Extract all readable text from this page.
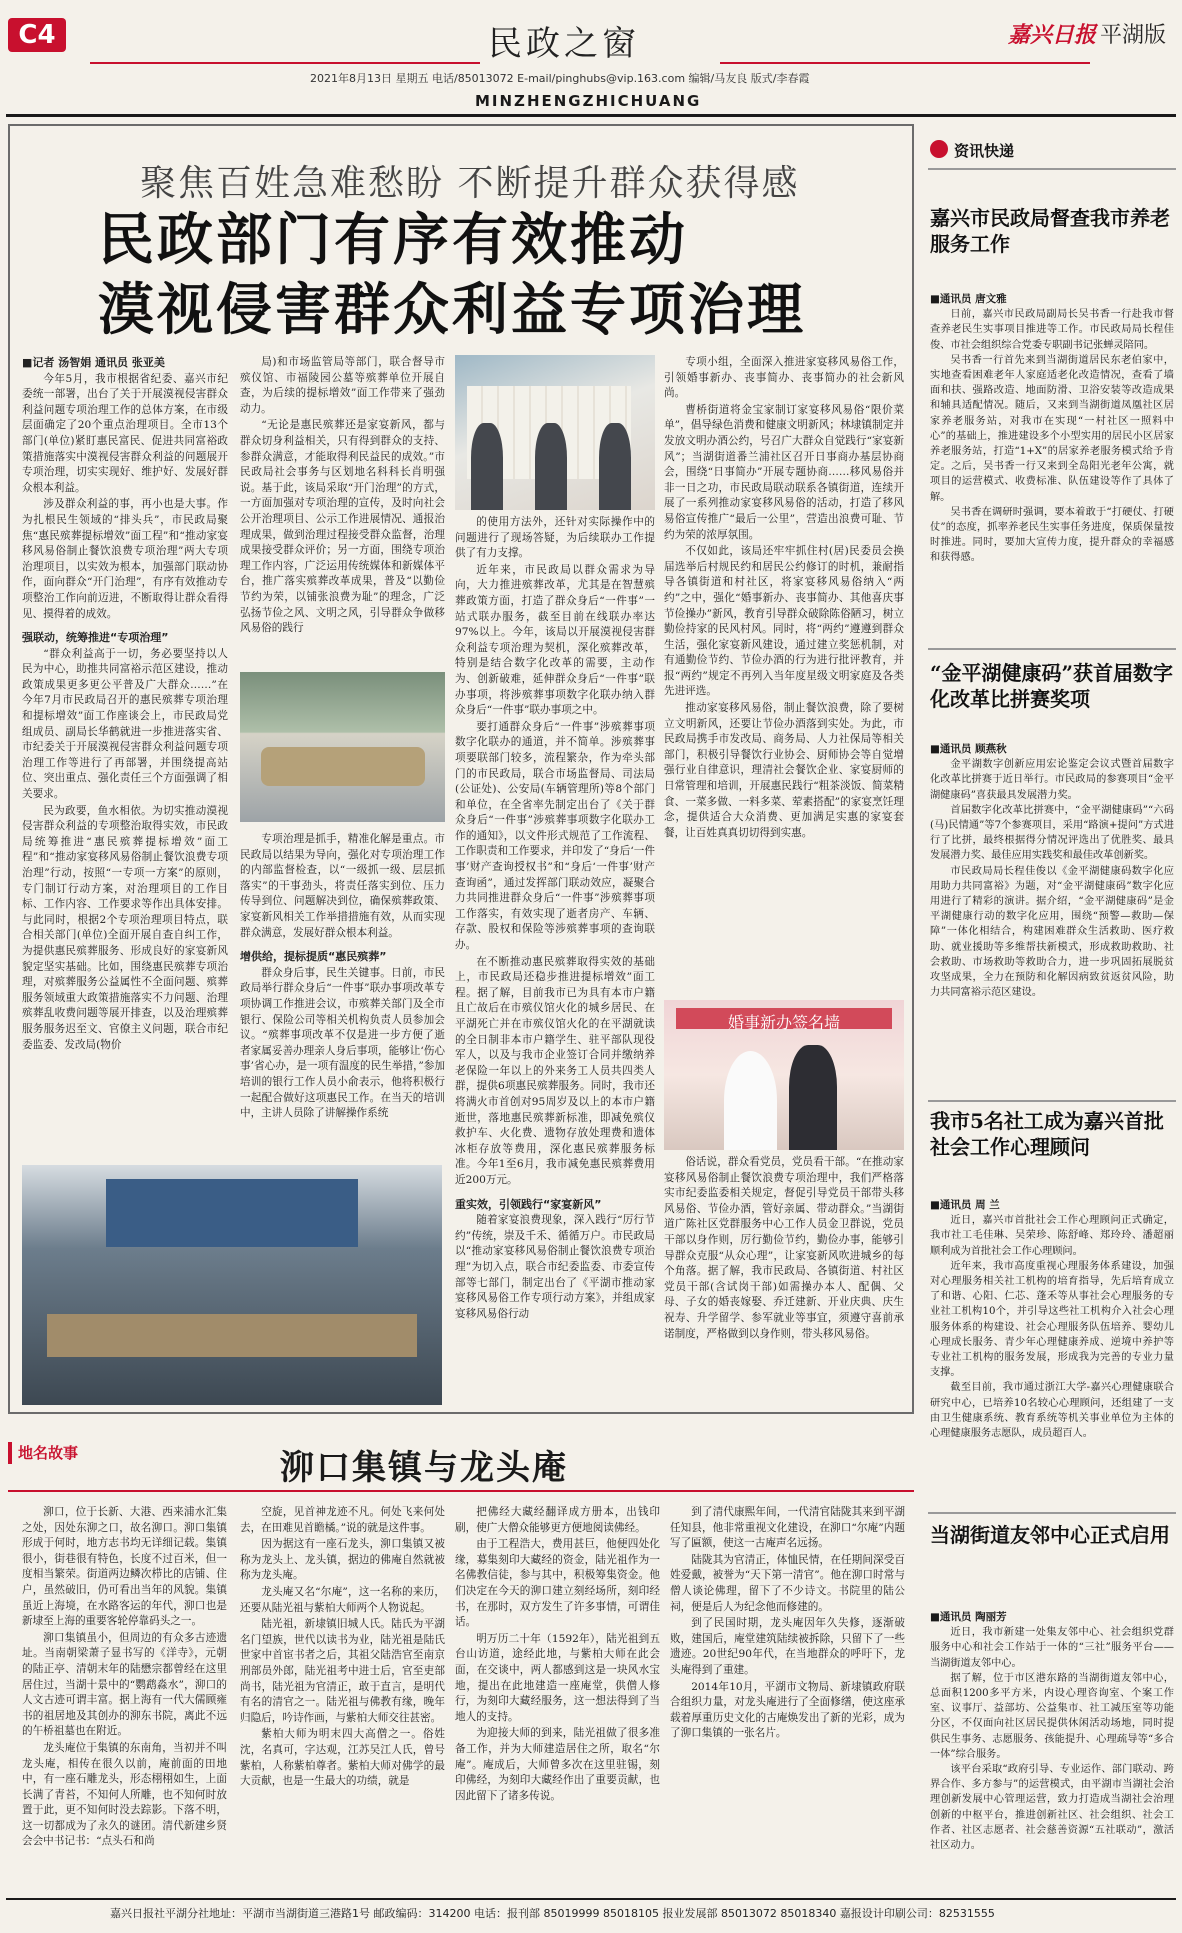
C4	民政之窗
2021年8月13日 星期五 电话/85013072 E-mail/pinghubs@vip.163.com 编辑/马友良 版式/李春霞
嘉兴日报 平湖版
MINZHENGZHICHUANG
聚焦百姓急难愁盼 不断提升群众获得感
民政部门有序有效推动
漠视侵害群众利益专项治理

■记者 汤智娟 通讯员 张亚美

今年5月，我市根据省纪委、嘉兴市纪委统一部署，出台了关于开展漠视侵害群众利益问题专项治理工作的总体方案，在市级层面确定了20个重点治理项目。全市13个部门(单位)紧盯惠民富民、促进共同富裕政策措施落实中漠视侵害群众利益的问题展开专项治理，切实实现好、维护好、发展好群众根本利益。

涉及群众利益的事，再小也是大事。作为扎根民生领域的“排头兵”，市民政局聚焦“惠民殡葬提标增效”面工程”和“推动家宴移风易俗制止餐饮浪费专项治理”两大专项治理项目，以实效为根本，加强部门联动协作，面向群众“开门治理”，有序有效推动专项整治工作向前迈进，不断取得让群众看得见、摸得着的成效。

强联动，统筹推进“专项治理”

“群众利益高于一切，务必要坚持以人民为中心，助推共同富裕示范区建设，推动政策成果更多更公平普及广大群众……”在今年7月市民政局召开的惠民殡葬专项治理和提标增效”面工作座谈会上，市民政局党组成员、副局长华鹤就进一步推进落实省、市纪委关于开展漠视侵害群众利益问题专项治理工作等进行了再部署，并围绕提高站位、突出重点、强化责任三个方面强调了相关要求。

民为政要，鱼水相依。为切实推动漠视侵害群众利益的专项整治取得实效，市民政局统筹推进“惠民殡葬提标增效”面工程”和“推动家宴移风易俗制止餐饮浪费专项治理”行动，按照“一专项一方案”的原则，专门制订行动方案，对治理项目的工作目标、工作内容、工作要求等作出具体安排。与此同时，根据2个专项治理项目特点，联合相关部门(单位)全面开展自查自纠工作，为提供惠民殡葬服务、形成良好的家宴新风貌定坚实基础。比如，围绕惠民殡葬专项治理，对殡葬服务公益属性不全面问题、殡葬服务领域重大政策措施落实不力问题、治理殡葬乱收费问题等展开排查，以及治理殡葬服务服务迟至文、官僚主义问题，联合市纪委监委、发改局(物价

局)和市场监管局等部门，联合督导市殡仪馆、市福陵园公墓等殡葬单位开展自查，为后续的提标增效”面工作带来了强劲动力。

“无论是惠民殡葬还是家宴新风，都与群众切身利益相关，只有得到群众的支持、参群众满意，才能取得利民益民的成效。”市民政局社会事务与区划地名科科长肖明强说。基于此，该局采取“开门治理”的方式，一方面加强对专项治理的宣传，及时向社会公开治理项目、公示工作进展情况、通报治理成果，做到治理过程接受群众监督，治理成果接受群众评价；另一方面，围绕专项治理工作内容，广泛运用传统媒体和新媒体平台，推广落实殡葬改革成果，普及“以勤俭节约为荣，以铺张浪费为耻”的理念，广泛弘扬节俭之风、文明之风，引导群众争做移风易俗的践行

专项治理是抓手，精准化解是重点。市民政局以结果为导向，强化对专项治理工作的内部监督检查，以“一级抓一级、层层抓落实”的干事劲头，将责任落实到位、压力传导到位、问题解决到位，确保殡葬政策、家宴新风相关工作举措措施有效，从而实现群众满意，发展好群众根本利益。

增供给，提标提质“惠民殡葬”

群众身后事，民生关键事。日前，市民政局举行群众身后“一件事”联办事项改革专项协调工作推进会议，市殡葬关部门及全市银行、保险公司等相关机构负责人员参加会议。“殡葬事项改革不仅是进一步方便了逝者家属妥善办理亲人身后事项，能够让‘伤心事’省心办，是一项有温度的民生举措，”参加培训的银行工作人员小俞表示，他将积极行一起配合做好这项惠民工作。在当天的培训中，主讲人员除了讲解操作系统

的使用方法外，还针对实际操作中的问题进行了现场答疑，为后续联办工作提供了有力支撑。

近年来，市民政局以群众需求为导向，大力推进殡葬改革，尤其是在智慧殡葬政策方面，打造了群众身后“一件事”一站式联办服务，截至目前在线联办率达97%以上。今年，该局以开展漠视侵害群众利益专项治理为契机，深化殡葬改革，特别是结合数字化改革的需要，主动作为、创新破难，延伸群众身后“一件事”联办事项，将涉殡葬事项数字化联办纳入群众身后“一件事”联办事项之中。

要打通群众身后“一件事”涉殡葬事项数字化联办的通道，并不简单。涉殡葬事项要联部门较多，流程繁杂，作为牵头部门的市民政局，联合市场监督局、司法局(公证处)、公安局(车辆管理所)等8个部门和单位，在全省率先制定出台了《关于群众身后“一件事”涉殡葬事项数字化联办工作的通知》，以文件形式规范了工作流程、工作职责和工作要求，并印发了“身后‘一件事’财产查询授权书”和“身后‘一件事’财产查询函”，通过发挥部门联动效应，凝聚合力共同推进群众身后“一件事”涉殡葬事项工作落实，有效实现了逝者房产、车辆、存款、股权和保险等涉殡葬事项的查询联办。

在不断推动惠民殡葬取得实效的基础上，市民政局还稳步推进提标增效”面工程。据了解，目前我市已为具有本市户籍且亡故后在市殡仪馆火化的城乡居民、在平湖死亡并在市殡仪馆火化的在平湖就读的全日制非本市户籍学生、驻平部队现役军人，以及与我市企业签订合同并缴纳养老保险一年以上的外来务工人员共四类人群，提供6项惠民殡葬服务。同时，我市还将满火市首创对95周岁及以上的本市户籍逝世，落地惠民殡葬新标准，即减免殡仪救护车、火化费、遗物存放处理费和遗体冰柜存放等费用，深化惠民殡葬服务标准。今年1至6月，我市减免惠民殡葬费用近200万元。

重实效，引领践行“家宴新风”

随着家宴浪费现象，深入践行“厉行节约”传统，崇及千禾、循循万户。市民政局以“推动家宴移风易俗制止餐饮浪费专项治理”为切入点，联合市纪委监委、市委宣传部等七部门，制定出台了《平湖市推动家宴移风易俗工作专项行动方案》，并组成家宴移风易俗行动

专项小组，全面深入推进家宴移风易俗工作，引领婚事新办、丧事简办、丧事简办的社会新风尚。

曹桥街道将金宝家制订家宴移风易俗“限价菜单”，倡导绿色消费和健康文明新风；林埭镇制定并发放文明办酒公约，号召广大群众自觉践行“家宴新风”；当湖街道番兰浦社区召开日事商办基层协商会，围绕“日事简办”开展专题协商……移风易俗并非一日之功，市民政局联动联系各镇街道，连续开展了一系列推动家宴移风易俗的活动，打造了移风易俗宣传推广“最后一公里”，营造出浪费可耻、节约为荣的浓厚氛围。

不仅如此，该局还牢牢抓住村(居)民委员会换届选举后村规民约和居民公约修订的时机，兼耐指导各镇街道和村社区，将家宴移风易俗纳入“两约”之中，强化“婚事新办、丧事简办、其他喜庆事节俭操办”新风，教育引导群众破除陈俗陋习，树立勤俭持家的民风村风。同时，将“两约”遵遵到群众生活，强化家宴新风建设，通过建立奖惩机制，对有通勤俭节约、节俭办酒的行为进行批评教育，并报“两约”规定不再列入当年度星级文明家庭及各类先进评选。

推动家宴移风易俗，制止餐饮浪费，除了要树立文明新风，还要让节俭办酒落到实处。为此，市民政局携手市发改局、商务局、人力社保局等相关部门，积极引导餐饮行业协会、厨师协会等自觉增强行业自律意识，理清社会餐饮企业、家宴厨师的日常管理和培训，开展惠民践行“粗茶淡饭、简菜精食、一菜多做、一料多菜、荤素搭配”的家宴烹饪理念，提供适合大众消费、更加满足实惠的家宴套餐，让百姓真真切切得到实惠。

婚事新办签名墙

俗话说，群众看党员，党员看干部。“在推动家宴移风易俗制止餐饮浪费专项治理中，我们严格落实市纪委监委相关规定，督促引导党员干部带头移风易俗、节俭办酒，管好亲属、带动群众。”当湖街道广陈社区党群服务中心工作人员金卫群说，党员干部以身作则，厉行勤俭节约，勤俭办事，能够引导群众克服“从众心理”，让家宴新风吹进城乡的每个角落。据了解，我市民政局、各镇街道、村社区党员干部(含试岗干部)如需操办本人、配偶、父母、子女的婚丧嫁娶、乔迁建新、开业庆典、庆生祝寿、升学留学、参军就业等事宜，须遵守喜前承诺制度，严格做到以身作则，带头移风易俗。

资讯快递
嘉兴市民政局督查我市养老服务工作

■通讯员 唐文雅

日前，嘉兴市民政局副局长吴书香一行赴我市督查养老民生实事项目推进等工作。市民政局局长程佳俊、市社会组织综合党委专职副书记张蝉灵陪同。

吴书香一行首先来到当湖街道居民东老伯家中，实地查看困难老年人家庭适老化改造情况，查看了墙面和扶、强路改造、地面防滑、卫浴安装等改造成果和辅具适配情况。随后，又来到当湖街道凤凰社区居家养老服务站，对我市在实现“一村社区一照料中心”的基础上，推进建设多个小型实用的居民小区居家养老服务站，打造“1+X”的居家养老服务模式给予肯定。之后，吴书香一行又来到全岛阳光老年公寓，就项目的运营模式、收费标准、队伍建设等作了具体了解。

吴书香在调研时强调，要本着敢于“打硬仗、打硬仗”的态度，抓率养老民生实事任务进度，保质保量按时推进。同时，要加大宣传力度，提升群众的幸福感和获得感。

“金平湖健康码”获首届数字化改革比拼赛奖项

■通讯员 顾燕秋

金平湖数字创新应用宏论鉴定会议式暨首届数字化改革比拼赛于近日举行。市民政局的参赛项目“金平湖健康码”喜获最具发展潜力奖。

首届数字化改革比拼赛中，“金平湖健康码”“六码(马)民情通”等7个参赛项目，采用“路演+提问”方式进行了比拼，最终根据得分情况评选出了优胜奖、最具发展潜力奖、最佳应用实践奖和最佳改革创新奖。

市民政局局长程佳俊以《金平湖健康码数字化应用助力共同富裕》为题，对“金平湖健康码”数字化应用进行了精彩的演讲。据介绍，“金平湖健康码”是金平湖健康行动的数字化应用，围绕“预警—救助—保障”一体化相结合，构建困难群众生活救助、医疗救助、就业援助等多维帮扶新模式，形成救助救助、社会救助、市场救助等救助合力，进一步巩固拓展脱贫攻坚成果，全力在预防和化解因病致贫返贫风险，助力共同富裕示范区建设。

我市5名社工成为嘉兴首批社会工作心理顾问

■通讯员 周 兰

近日，嘉兴市首批社会工作心理顾问正式确定，我市社工毛佳琳、吴荣珍、陈舒峰、郑玲玲、潘超丽顺利成为首批社会工作心理顾问。

近年来，我市高度重视心理服务体系建设，加强对心理服务相关社工机构的培育指导，先后培育成立了和谐、心阳、仁芯、蓬禾等从事社会心理服务的专业社工机构10个，并引导这些社工机构介入社会心理服务体系的构建设、社会心理服务队伍培养、婴幼儿心理成长服务、青少年心理健康养成、逆境中养护等专业社工机构的服务发展，形成我为完善的专业力量支撑。

截至目前，我市通过浙江大学-嘉兴心理健康联合研究中心，已培养10名较心心理顾问，还组建了一支由卫生健康系统、教育系统等机关事业单位为主体的心理健康服务志愿队，成员超百人。

当湖街道友邻中心正式启用

■通讯员 陶丽芳

近日，我市新建一处集友邻中心、社会组织党群服务中心和社会工作站于一体的“三社”服务平台——当湖街道友邻中心。

据了解，位于市区港东路的当湖街道友邻中心，总面积1200多平方米，内设心理咨询室、个案工作室、议事厅、益部坊、公益集市、社工减压室等功能分区，不仅面向社区居民提供休闲活动场地，同时提供民生事务、志愿服务、孩能提升、心理疏导等“多合一体”综合服务。

该平台采取“政府引导、专业运作、部门联动、跨界合作、多方参与”的运营模式，由平湖市当湖社会治理创新发展中心管理运营，致力打造成当湖社会治理创新的中枢平台，推进创新社区、社会组织、社会工作者、社区志愿者、社会慈善资源“五社联动”，激活社区动力。

地名故事	泖口集镇与龙头庵

泖口，位于长新、大港、西来浦水汇集之处，因处东泖之口，故名泖口。泖口集镇形成于何时，地方志书均无详细记载。集镇很小，街巷很有特色，长度不过百米，但一度相当繁荣。街道两边鳞次栉比的店铺、住户，虽然破旧，仍可看出当年的风貌。集镇虽近上海境，在水路客运的年代，泖口也是新埭至上海的重要客轮停靠码头之一。

泖口集镇虽小，但周边的有众多古迹遗址。当南朝梁萧子显书写的《洋寺》，元朝的陆正亭、清朝末年的陆懋宗都曾经在这里居住过，当湖十景中的“鹦鹉淼水”，泖口的人文古迹可谓丰富。据上海有一代大儒顾雍书的祖居地及其创办的泖东书院，离此不远的午桥祖墓也在附近。

龙头庵位于集镇的东南角，当初并不叫龙头庵，相传在很久以前，庵前面的田地中，有一座石雕龙头，形态栩栩如生，上面长满了青苔，不知何人所雕，也不知何时放置于此，更不知何时没去踪影。下落不明，这一切都成为了永久的谜团。清代新建乡贤会会中书记书：“点头石和尚

空旋，见首神龙迹不凡。何处飞来何处去，在田难见首瞻橘。”说的就是这件事。

因为据这有一座石龙头，泖口集镇又被称为龙头上、龙头镇，据边的佛庵自然就被称为龙头庵。

龙头庵又名“尔庵”，这一名称的来历，还要从陆光祖与紫柏大师两个人物说起。

陆光祖，新埭镇旧城人氏。陆氏为平湖名门望族，世代以读书为业，陆光祖是陆氏世家中首宦书者之后，其祖父陆浩官至南京刑部员外郎，陆光祖考中进士后，官至吏部尚书，陆光祖为官清正，敢于直言，是明代有名的清官之一。陆光祖与佛教有缘，晚年归隐后，吟诗作画，与紫柏大师交往甚密。

紫柏大师为明末四大高僧之一。俗姓沈，名真可，字达观，江苏吴江人氏，曾号紫柏，人称紫柏尊者。紫柏大师对佛学的最大贡献，也是一生最大的功绩，就是

把佛经大藏经翻译成方册本，出钱印刷，使广大僧众能够更方便地阅读佛经。

由于工程浩大，费用甚巨，他便四处化缘，募集刻印大藏经的资金，陆光祖作为一名佛教信徒，参与其中，积极筹集资金。他们决定在今天的泖口建立刻经场所，刻印经书，在那时，双方发生了许多事情，可谓佳话。

明万历二十年（1592年），陆光祖到五台山访道，途经此地，与紫柏大师在此会面，在交谈中，两人都感到这是一块风水宝地，提出在此地建造一座庵堂，供僧人修行，为刻印大藏经服务，这一想法得到了当地人的支持。

为迎接大师的到来，陆光祖做了很多准备工作，并为大师建造居住之所，取名“尔庵”。庵成后，大师曾多次在这里驻锡，刻印佛经，为刻印大藏经作出了重要贡献，也因此留下了诸多传说。

到了清代康熙年间，一代清官陆陇其来到平湖任知县，他非常重视文化建设，在泖口“尔庵”内题写了匾额，使这一古庵声名远扬。

陆陇其为官清正，体恤民情，在任期间深受百姓爱戴，被誉为“天下第一清官”。他在泖口时常与僧人谈论佛理，留下了不少诗文。书院里的陆公祠，便是后人为纪念他而修建的。

到了民国时期，龙头庵因年久失修，逐渐破败，建国后，庵堂建筑陆续被拆除，只留下了一些遗迹。20世纪90年代，在当地群众的呼吁下，龙头庵得到了重建。

2014年10月，平湖市文物局、新埭镇政府联合组织力量，对龙头庵进行了全面修缮，使这座承载着厚重历史文化的古庵焕发出了新的光彩，成为了泖口集镇的一张名片。

嘉兴日报社平湖分社地址：平湖市当湖街道三港路1号 邮政编码：314200 电话：报刊部 85019999 85018105 报业发展部 85013072 85018340 嘉报设计印刷公司：82531555
